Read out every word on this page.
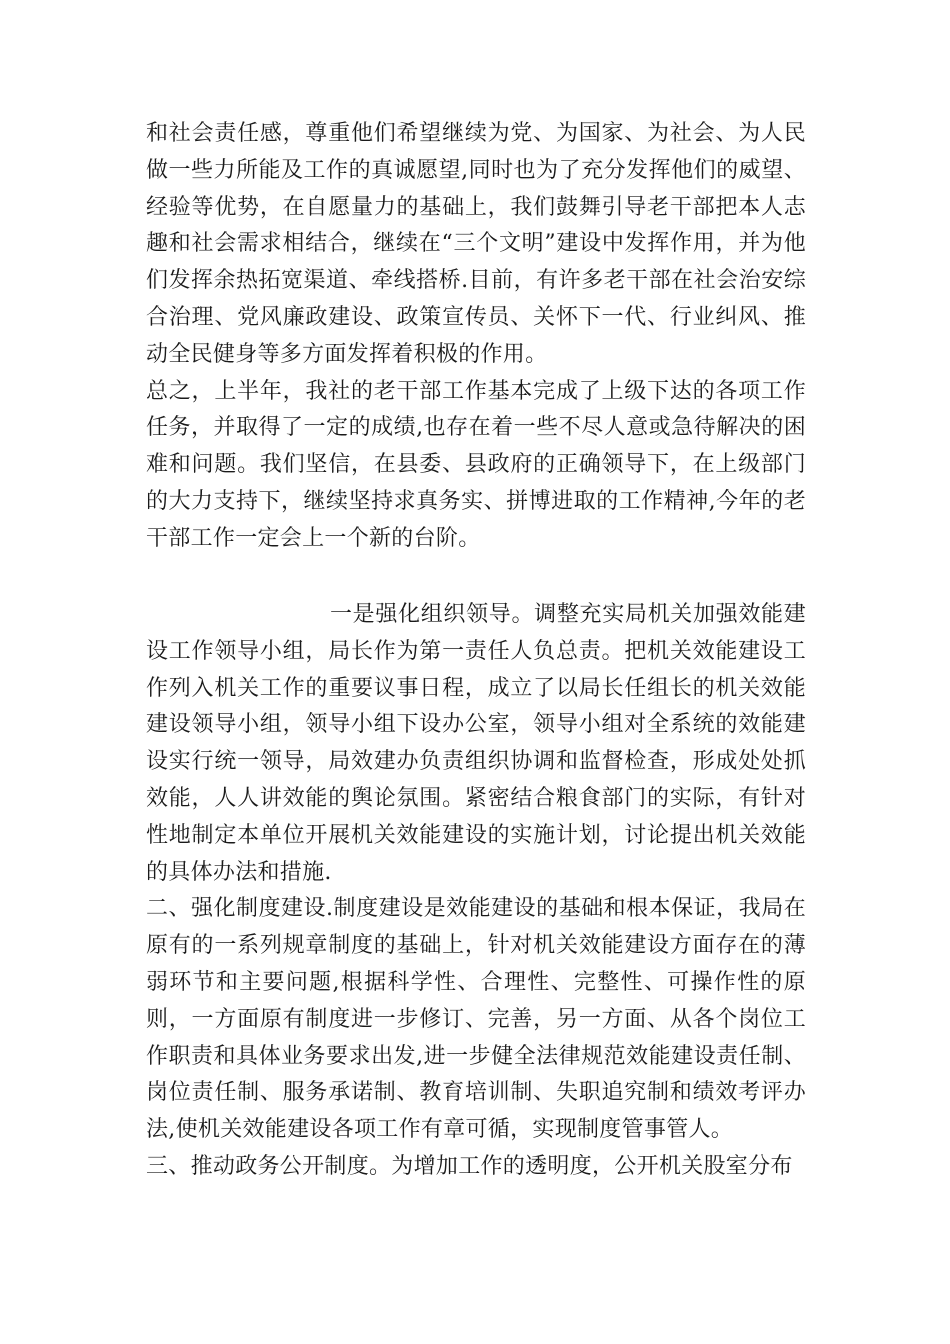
和社会责任感，尊重他们希望继续为党、为国家、为社会、为人民做一些力所能及工作的真诚愿望,同时也为了充分发挥他们的威望、经验等优势，在自愿量力的基础上，我们鼓舞引导老干部把本人志趣和社会需求相结合，继续在“三个文明”建设中发挥作用，并为他们发挥余热拓宽渠道、牵线搭桥.目前，有许多老干部在社会治安综合治理、党风廉政建设、政策宣传员、关怀下一代、行业纠风、推动全民健身等多方面发挥着积极的作用。

总之，上半年，我社的老干部工作基本完成了上级下达的各项工作任务，并取得了一定的成绩,也存在着一些不尽人意或急待解决的困难和问题。我们坚信，在县委、县政府的正确领导下，在上级部门的大力支持下，继续坚持求真务实、拼博进取的工作精神,今年的老干部工作一定会上一个新的台阶。

一是强化组织领导。调整充实局机关加强效能建设工作领导小组，局长作为第一责任人负总责。把机关效能建设工作列入机关工作的重要议事日程，成立了以局长任组长的机关效能建设领导小组，领导小组下设办公室，领导小组对全系统的效能建设实行统一领导，局效建办负责组织协调和监督检查，形成处处抓效能，人人讲效能的舆论氛围。紧密结合粮食部门的实际，有针对性地制定本单位开展机关效能建设的实施计划，讨论提出机关效能的具体办法和措施.

二、强化制度建设.制度建设是效能建设的基础和根本保证，我局在原有的一系列规章制度的基础上，针对机关效能建设方面存在的薄弱环节和主要问题,根据科学性、合理性、完整性、可操作性的原则，一方面原有制度进一步修订、完善，另一方面、从各个岗位工作职责和具体业务要求出发,进一步健全法律规范效能建设责任制、岗位责任制、服务承诺制、教育培训制、失职追究制和绩效考评办法,使机关效能建设各项工作有章可循，实现制度管事管人。

三、推动政务公开制度。为增加工作的透明度，公开机关股室分布
